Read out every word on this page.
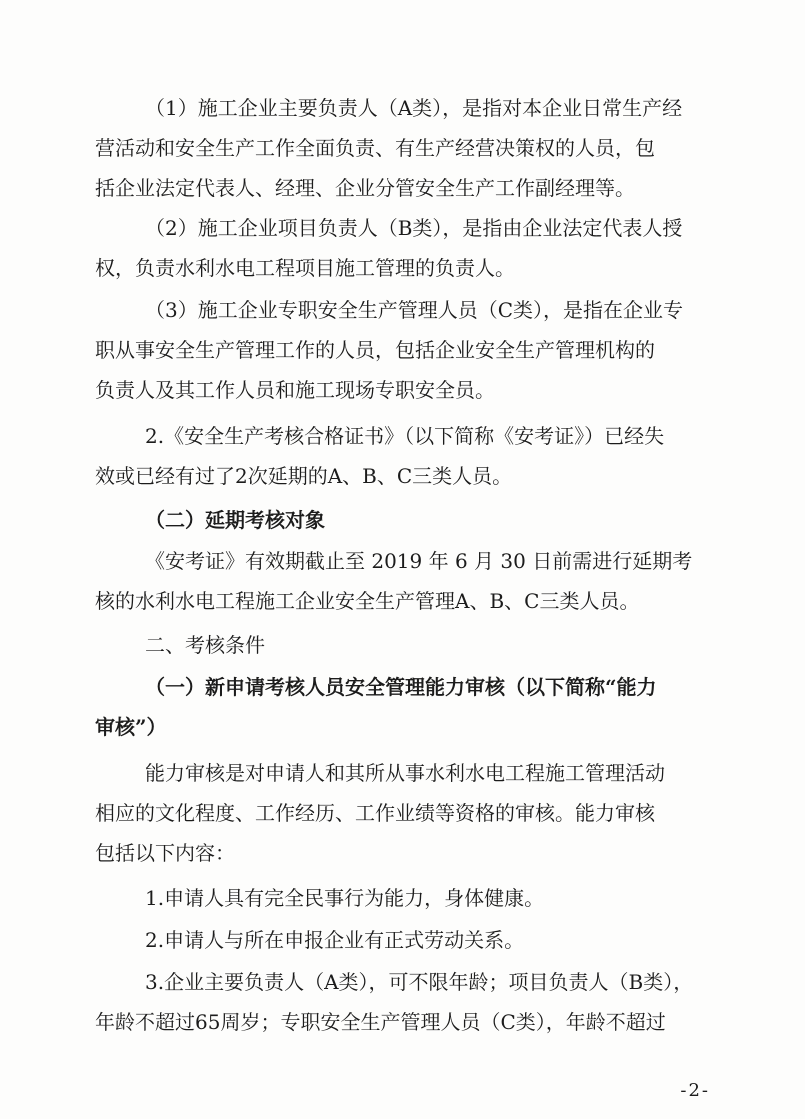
（1）施工企业主要负责人（A类），是指对本企业日常生产经
营活动和安全生产工作全面负责、有生产经营决策权的人员，包
括企业法定代表人、经理、企业分管安全生产工作副经理等。
（2）施工企业项目负责人（B类），是指由企业法定代表人授
权，负责水利水电工程项目施工管理的负责人。
（3）施工企业专职安全生产管理人员（C类），是指在企业专
职从事安全生产管理工作的人员，包括企业安全生产管理机构的
负责人及其工作人员和施工现场专职安全员。
2.《安全生产考核合格证书》（以下简称《安考证》）已经失
效或已经有过了2次延期的A、B、C三类人员。
（二）延期考核对象
《安考证》有效期截止至 2019 年 6 月 30 日前需进行延期考
核的水利水电工程施工企业安全生产管理A、B、C三类人员。
二、考核条件
（一）新申请考核人员安全管理能力审核（以下简称“能力
审核”）
能力审核是对申请人和其所从事水利水电工程施工管理活动
相应的文化程度、工作经历、工作业绩等资格的审核。能力审核
包括以下内容：
1.申请人具有完全民事行为能力，身体健康。
2.申请人与所在申报企业有正式劳动关系。
3.企业主要负责人（A类），可不限年龄；项目负责人（B类），
年龄不超过65周岁；专职安全生产管理人员（C类），年龄不超过
-2-
